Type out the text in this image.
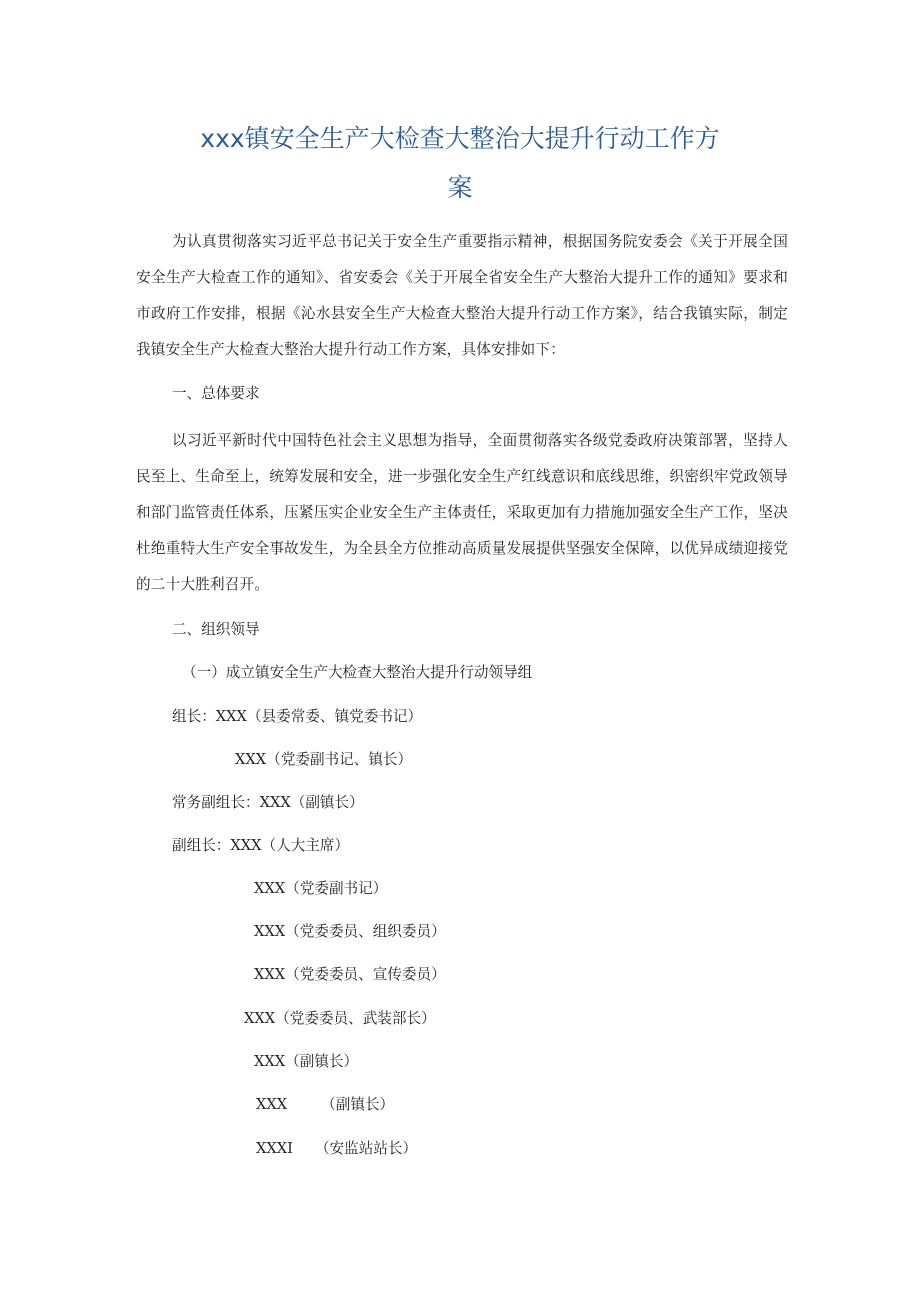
xxx镇安全生产大检查大整治大提升行动工作方
案
为认真贯彻落实习近平总书记关于安全生产重要指示精神，根据国务院安委会《关于开展全国安全生产大检查工作的通知》、省安委会《关于开展全省安全生产大整治大提升工作的通知》要求和市政府工作安排，根据《沁水县安全生产大检查大整治大提升行动工作方案》，结合我镇实际，制定我镇安全生产大检查大整治大提升行动工作方案，具体安排如下：
一、总体要求
以习近平新时代中国特色社会主义思想为指导，全面贯彻落实各级党委政府决策部署，坚持人民至上、生命至上，统筹发展和安全，进一步强化安全生产红线意识和底线思维，织密织牢党政领导和部门监管责任体系，压紧压实企业安全生产主体责任，采取更加有力措施加强安全生产工作，坚决杜绝重特大生产安全事故发生，为全县全方位推动高质量发展提供坚强安全保障，以优异成绩迎接党的二十大胜利召开。
二、组织领导
（一）成立镇安全生产大检查大整治大提升行动领导组
组长：XXX（县委常委、镇党委书记）
XXX（党委副书记、镇长）
常务副组长：XXX（副镇长）
副组长：XXX（人大主席）
XXX（党委副书记）
XXX（党委委员、组织委员）
XXX（党委委员、宣传委员）
XXX（党委委员、武装部长）
XXX（副镇长）
XXX （副镇长）
XXXI （安监站站长）
